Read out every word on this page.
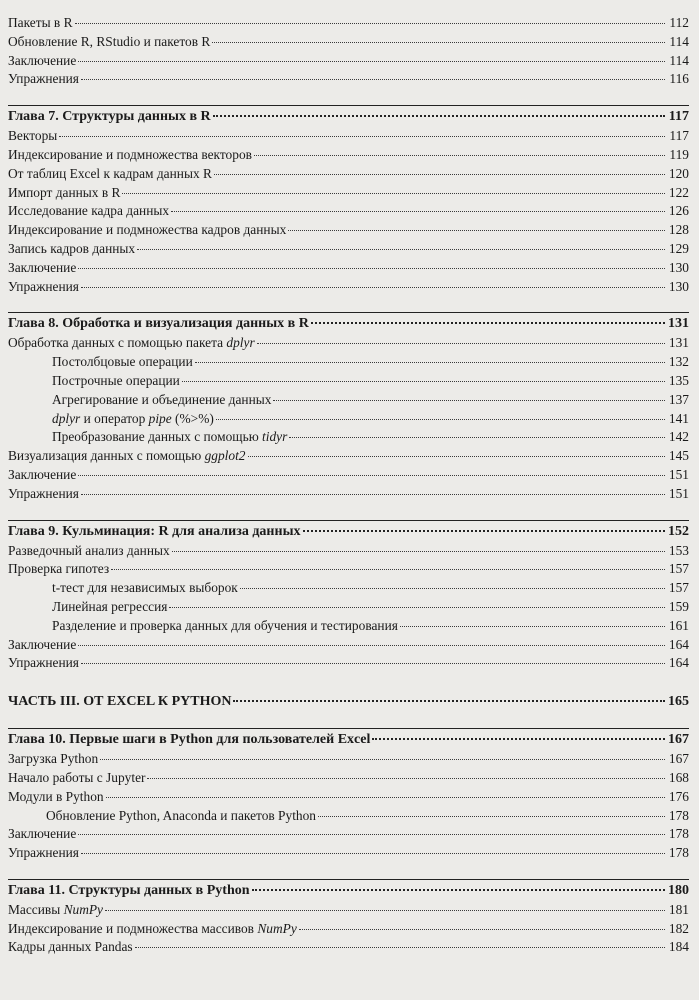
Пакеты в R	112
Обновление R, RStudio и пакетов R	114
Заключение	114
Упражнения	116
Глава 7. Структуры данных в R	117
Векторы	117
Индексирование и подмножества векторов	119
От таблиц Excel к кадрам данных R	120
Импорт данных в R	122
Исследование кадра данных	126
Индексирование и подмножества кадров данных	128
Запись кадров данных	129
Заключение	130
Упражнения	130
Глава 8. Обработка и визуализация данных в R	131
Обработка данных с помощью пакета dplyr	131
Постолбцовые операции	132
Построчные операции	135
Агрегирование и объединение данных	137
dplyr и оператор pipe (%>%)	141
Преобразование данных с помощью tidyr	142
Визуализация данных с помощью ggplot2	145
Заключение	151
Упражнения	151
Глава 9. Кульминация: R для анализа данных	152
Разведочный анализ данных	153
Проверка гипотез	157
t-тест для независимых выборок	157
Линейная регрессия	159
Разделение и проверка данных для обучения и тестирования	161
Заключение	164
Упражнения	164
ЧАСТЬ III. ОТ EXCEL К PYTHON	165
Глава 10. Первые шаги в Python для пользователей Excel	167
Загрузка Python	167
Начало работы с Jupyter	168
Модули в Python	176
Обновление Python, Anaconda и пакетов Python	178
Заключение	178
Упражнения	178
Глава 11. Структуры данных в Python	180
Массивы NumPy	181
Индексирование и подмножества массивов NumPy	182
Кадры данных Pandas	184
